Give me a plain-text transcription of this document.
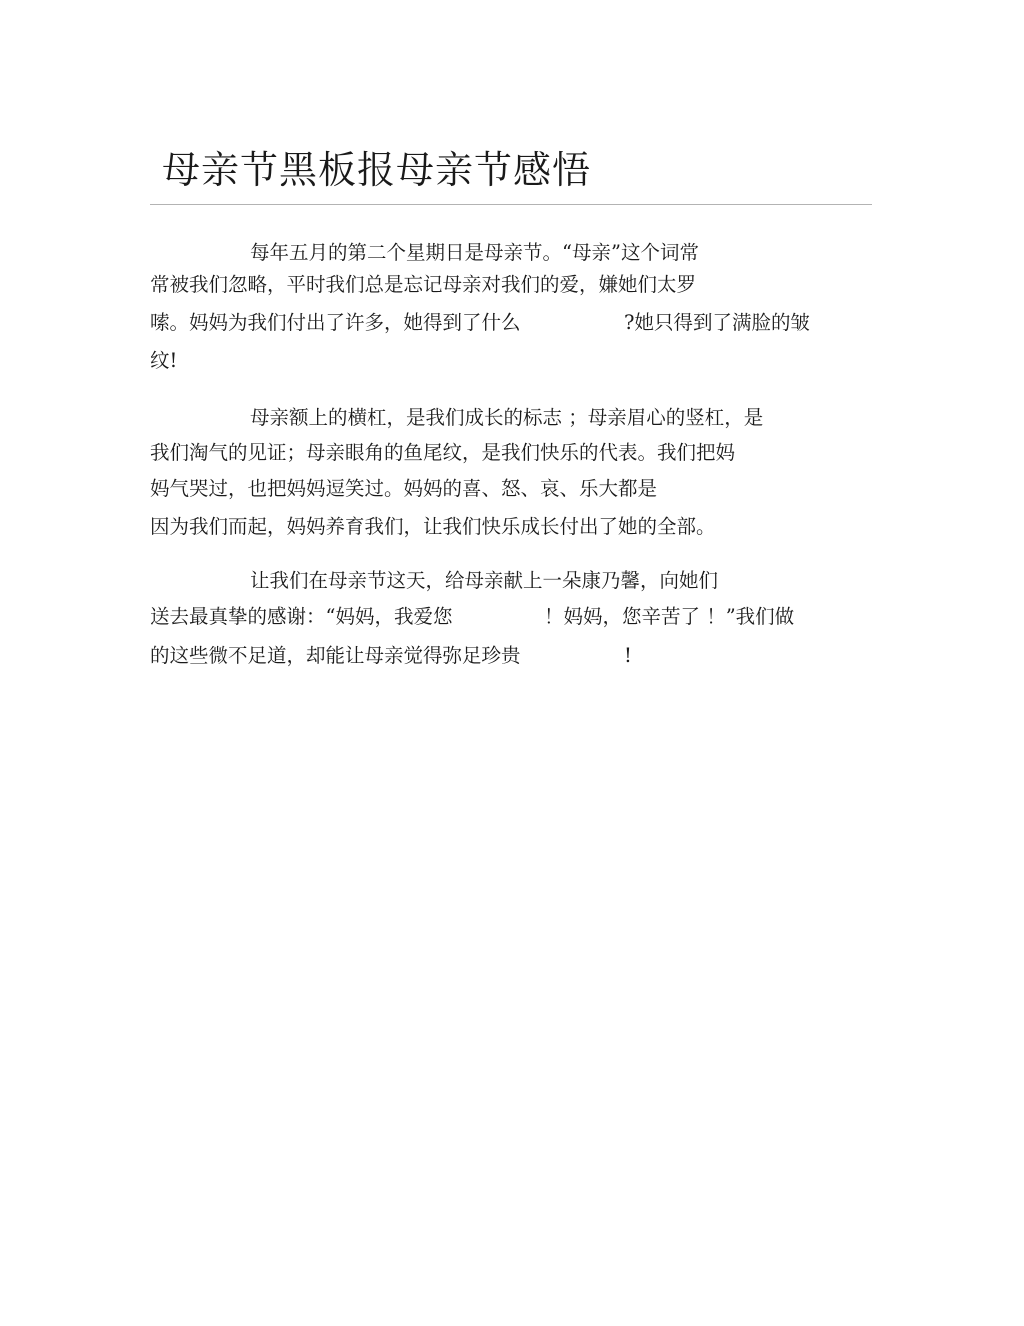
母亲节黑板报母亲节感悟

每年五月的第二个星期日是母亲节。“母亲”这个词常

常被我们忽略，平时我们总是忘记母亲对我们的爱，嫌她们太罗

嗦。妈妈为我们付出了许多，她得到了什么	?她只得到了满脸的皱

纹!

母亲额上的横杠，是我们成长的标志 ；母亲眉心的竖杠，是

我们淘气的见证；母亲眼角的鱼尾纹，是我们快乐的代表。我们把妈

妈气哭过，也把妈妈逗笑过。妈妈的喜、怒、哀、乐大都是

因为我们而起，妈妈养育我们，让我们快乐成长付出了她的全部。

让我们在母亲节这天，给母亲献上一朵康乃馨，向她们

送去最真挚的感谢：“妈妈，我爱您	！妈妈，您辛苦了 ！”我们做

的这些微不足道，却能让母亲觉得弥足珍贵	!
